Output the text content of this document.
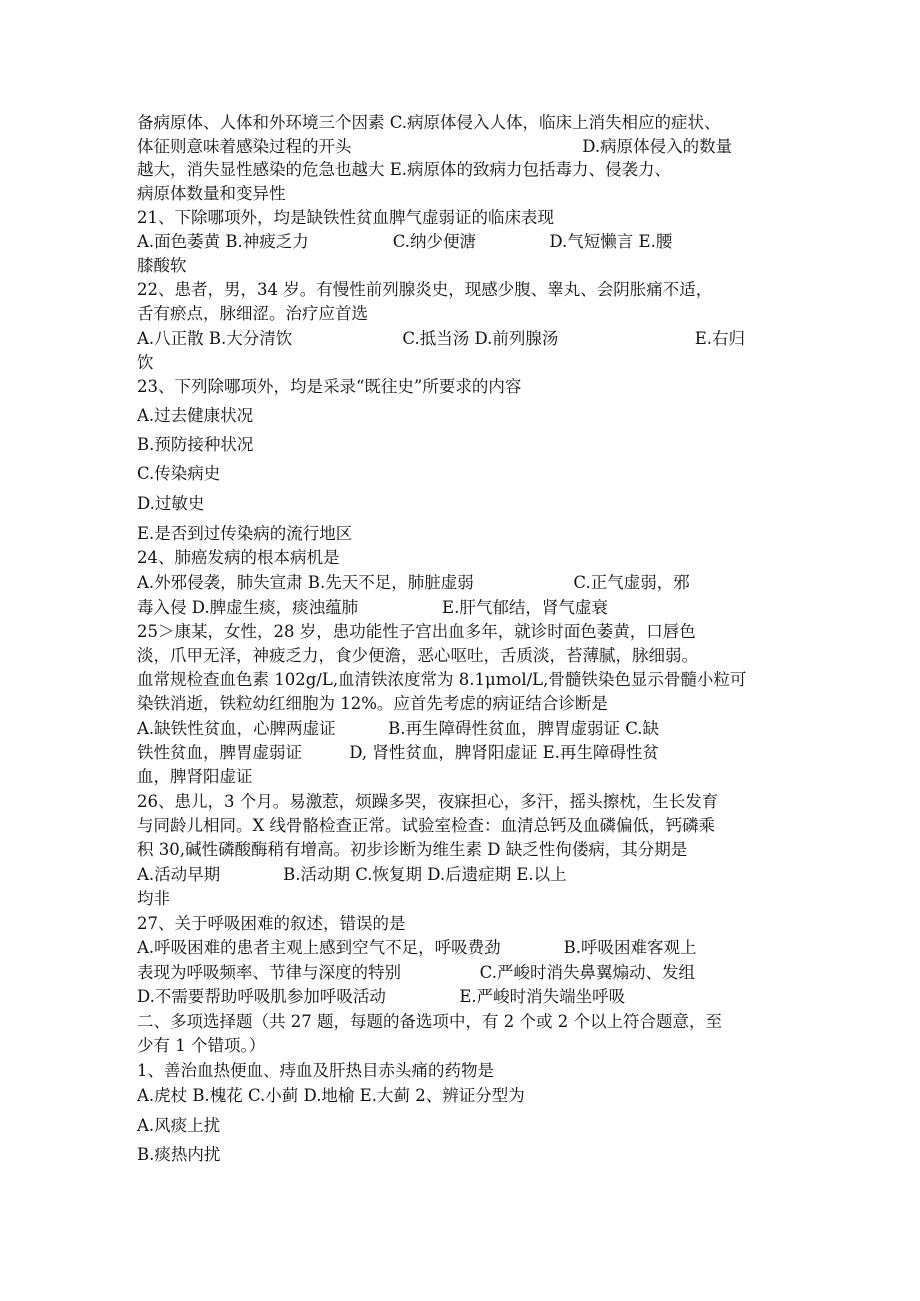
备病原体、人体和外环境三个因素 C.病原体侵入人体，临床上消失相应的症状、
体征则意味着感染过程的开头                                            D.病原体侵入的数量
越大，消失显性感染的危急也越大 E.病原体的致病力包括毒力、侵袭力、
病原体数量和变异性
21、下除哪项外，均是缺铁性贫血脾气虚弱证的临床表现
A.面色萎黄 B.神疲乏力                C.纳少便溏              D.气短懒言 E.腰
膝酸软
22、患者，男，34 岁。有慢性前列腺炎史，现感少腹、睾丸、会阴胀痛不适，
舌有瘀点，脉细涩。治疗应首选
A.八正散 B.大分清饮                     C.抵当汤 D.前列腺汤                          E.右归
饮
23、下列除哪项外，均是采录“既往史”所要求的内容
A.过去健康状况
B.预防接种状况
C.传染病史
D.过敏史
E.是否到过传染病的流行地区
24、肺癌发病的根本病机是
A.外邪侵袭，肺失宣肃 B.先天不足，肺脏虚弱                   C.正气虚弱，邪
毒入侵 D.脾虚生痰，痰浊蕴肺                E.肝气郁结，肾气虚衰
25＞康某，女性，28 岁，患功能性子宫出血多年，就诊时面色萎黄，口唇色
淡，爪甲无泽，神疲乏力，食少便澹，恶心呕吐，舌质淡，苔薄腻，脉细弱。
血常规检查血色素 102g∕L,血清铁浓度常为 8.1μmol∕L,骨髓铁染色显示骨髓小粒可
染铁消逝，铁粒幼红细胞为 12%。应首先考虑的病证结合诊断是
A.缺铁性贫血，心脾两虚证          B.再生障碍性贫血，脾胃虚弱证 C.缺
铁性贫血，脾胃虚弱证         D, 肾性贫血，脾肾阳虚证 E.再生障碍性贫
血，脾肾阳虚证
26、患儿，3 个月。易激惹，烦躁多哭，夜寐担心，多汗，摇头擦枕，生长发育
与同龄儿相同。X 线骨骼检查正常。试验室检查：血清总钙及血磷偏低，钙磷乘
积 30,碱性磷酸酶稍有增高。初步诊断为维生素 D 缺乏性佝偻病，其分期是
A.活动早期            B.活动期 C.恢复期 D.后遗症期 E.以上
均非
27、关于呼吸困难的叙述，错误的是
A.呼吸困难的患者主观上感到空气不足，呼吸费劲            B.呼吸困难客观上
表现为呼吸频率、节律与深度的特别               C.严峻时消失鼻翼煽动、发组
D.不需要帮助呼吸肌参加呼吸活动              E.严峻时消失端坐呼吸
二、多项选择题（共 27 题，每题的备选项中，有 2 个或 2 个以上符合题意，至
少有 1 个错项。）
1、善治血热便血、痔血及肝热目赤头痛的药物是
A.虎杖 B.槐花 C.小蓟 D.地榆 E.大蓟 2、辨证分型为
A.风痰上扰
B.痰热内扰
